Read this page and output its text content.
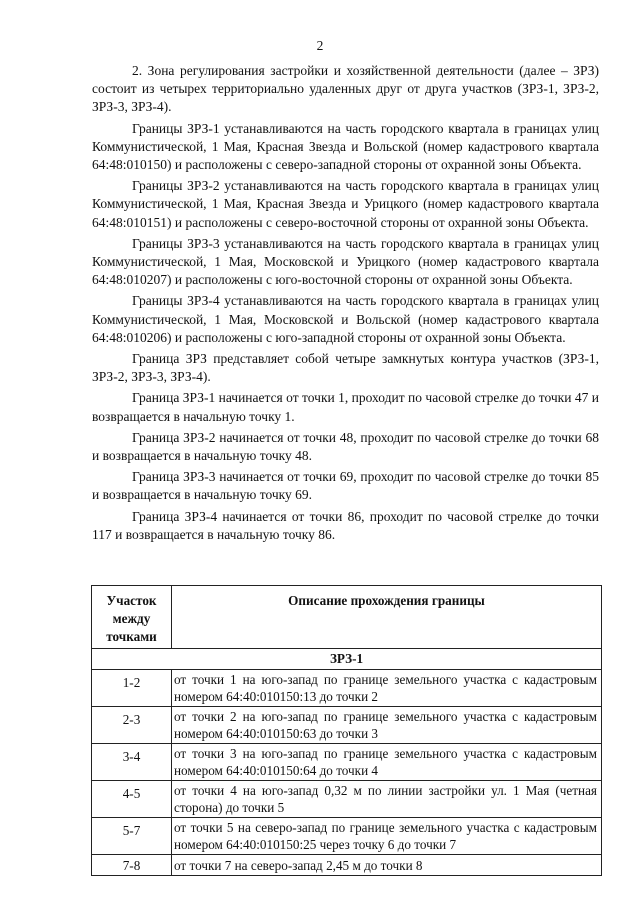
2

2. Зона регулирования застройки и хозяйственной деятельности (далее – ЗРЗ) состоит из четырех территориально удаленных друг от друга участков (ЗРЗ-1, ЗРЗ-2, ЗРЗ-3, ЗРЗ-4).

Границы ЗРЗ-1 устанавливаются на часть городского квартала в границах улиц Коммунистической, 1 Мая, Красная Звезда и Вольской (номер кадастрового квартала 64:48:010150) и расположены с северо-западной стороны от охранной зоны Объекта.

Границы ЗРЗ-2 устанавливаются на часть городского квартала в границах улиц Коммунистической, 1 Мая, Красная Звезда и Урицкого (номер кадастрового квартала 64:48:010151) и расположены с северо-восточной стороны от охранной зоны Объекта.

Границы ЗРЗ-3 устанавливаются на часть городского квартала в границах улиц Коммунистической, 1 Мая, Московской и Урицкого (номер кадастрового квартала 64:48:010207) и расположены с юго-восточной стороны от охранной зоны Объекта.

Границы ЗРЗ-4 устанавливаются на часть городского квартала в границах улиц Коммунистической, 1 Мая, Московской и Вольской (номер кадастрового квартала 64:48:010206) и расположены с юго-западной стороны от охранной зоны Объекта.

Граница ЗРЗ представляет собой четыре замкнутых контура участков (ЗРЗ-1, ЗРЗ-2, ЗРЗ-3, ЗРЗ-4).

Граница ЗРЗ-1 начинается от точки 1, проходит по часовой стрелке до точки 47 и возвращается в начальную точку 1.

Граница ЗРЗ-2 начинается от точки 48, проходит по часовой стрелке до точки 68 и возвращается в начальную точку 48.

Граница ЗРЗ-3 начинается от точки 69, проходит по часовой стрелке до точки 85 и возвращается в начальную точку 69.

Граница ЗРЗ-4 начинается от точки 86, проходит по часовой стрелке до точки 117 и возвращается в начальную точку 86.

Участок между точками	Описание прохождения границы
ЗРЗ-1	
1-2	от точки 1 на юго-запад по границе земельного участка с кадастровым номером 64:40:010150:13 до точки 2
2-3	от точки 2 на юго-запад по границе земельного участка с кадастровым номером 64:40:010150:63 до точки 3
3-4	от точки 3 на юго-запад по границе земельного участка с кадастровым номером 64:40:010150:64 до точки 4
4-5	от точки 4 на юго-запад 0,32 м по линии застройки ул. 1 Мая (четная сторона) до точки 5
5-7	от точки 5 на северо-запад по границе земельного участка с кадастровым номером 64:40:010150:25 через точку 6 до точки 7
7-8	от точки 7 на северо-запад 2,45 м до точки 8
